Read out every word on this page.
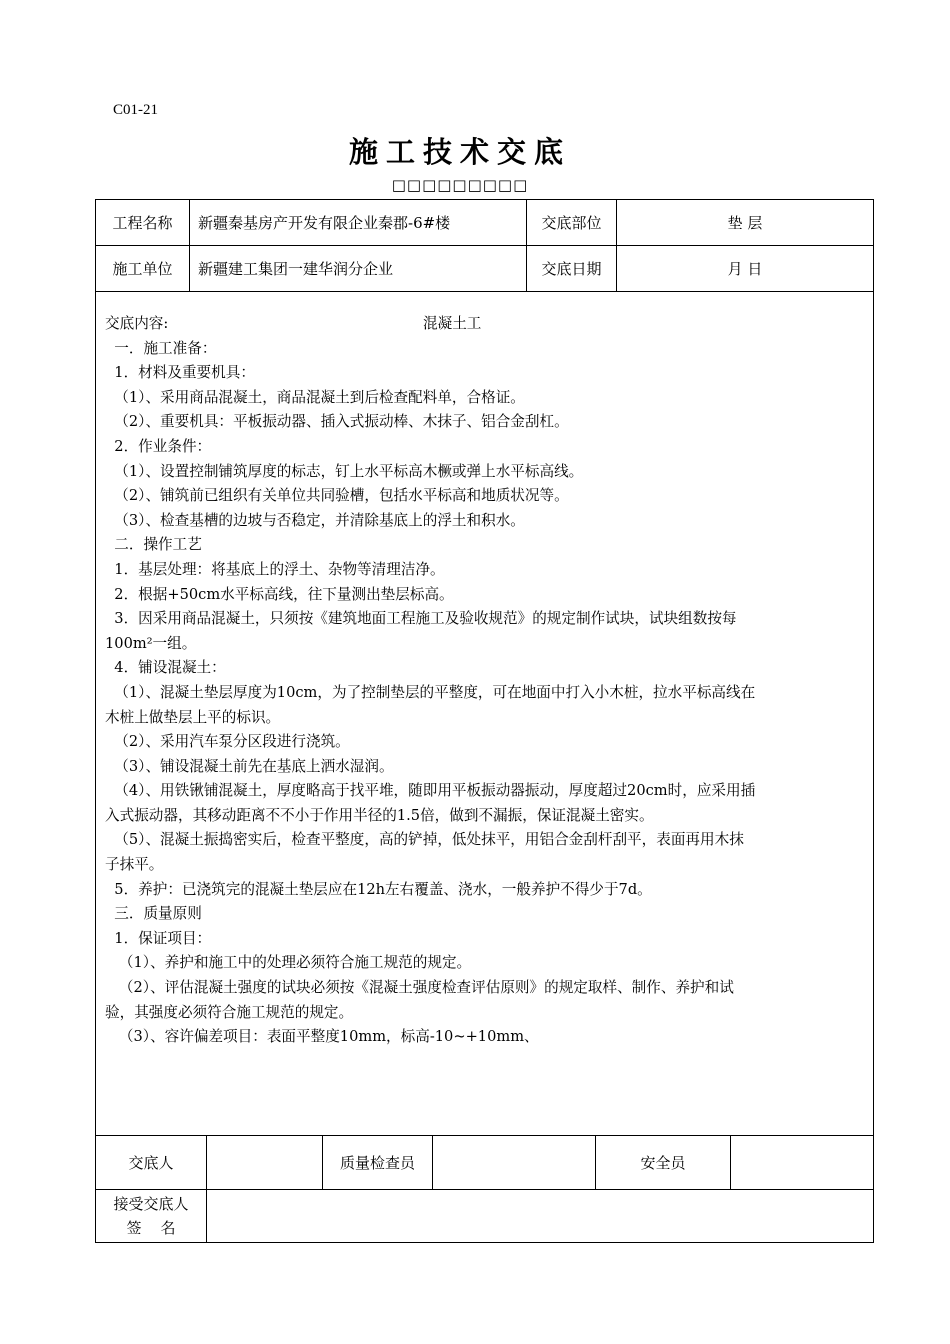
C01-21
施工技术交底
□□□□□□□□□
工程名称	新疆秦基房产开发有限企业秦郡-6#楼	交底部位	垫 层
施工单位	新疆建工集团一建华润分企业	交底日期	月 日

交底内容:	混凝土工

一．施工准备：

1．材料及重要机具：

（1）、采用商品混凝土，商品混凝土到后检查配料单，合格证。

（2）、重要机具：平板振动器、插入式振动棒、木抹子、铝合金刮杠。

2．作业条件：

（1）、设置控制铺筑厚度的标志，钉上水平标高木橛或弹上水平标高线。

（2）、铺筑前已组织有关单位共同验槽，包括水平标高和地质状况等。

（3）、检查基槽的边坡与否稳定，并清除基底上的浮土和积水。

二．操作工艺

1．基层处理：将基底上的浮土、杂物等清理洁净。

2．根据+50cm水平标高线，往下量测出垫层标高。

3．因采用商品混凝土，只须按《建筑地面工程施工及验收规范》的规定制作试块，试块组数按每

100m²一组。

4．铺设混凝土：

（1）、混凝土垫层厚度为10cm，为了控制垫层的平整度，可在地面中打入小木桩，拉水平标高线在

木桩上做垫层上平的标识。

（2）、采用汽车泵分区段进行浇筑。

（3）、铺设混凝土前先在基底上洒水湿润。

（4）、用铁锹铺混凝土，厚度略高于找平堆，随即用平板振动器振动，厚度超过20cm时，应采用插

入式振动器，其移动距离不不小于作用半径的1.5倍，做到不漏振，保证混凝土密实。

（5）、混凝土振捣密实后，检查平整度，高的铲掉，低处抹平，用铝合金刮杆刮平，表面再用木抹

子抹平。

5．养护：已浇筑完的混凝土垫层应在12h左右覆盖、浇水，一般养护不得少于7d。

三．质量原则

1．保证项目：

（1）、养护和施工中的处理必须符合施工规范的规定。

（2）、评估混凝土强度的试块必须按《混凝土强度检查评估原则》的规定取样、制作、养护和试

验，其强度必须符合施工规范的规定。

（3）、容许偏差项目：表面平整度10mm，标高-10~+10mm、

交底人	质量检查员	安全员
接受交底人
签    名
